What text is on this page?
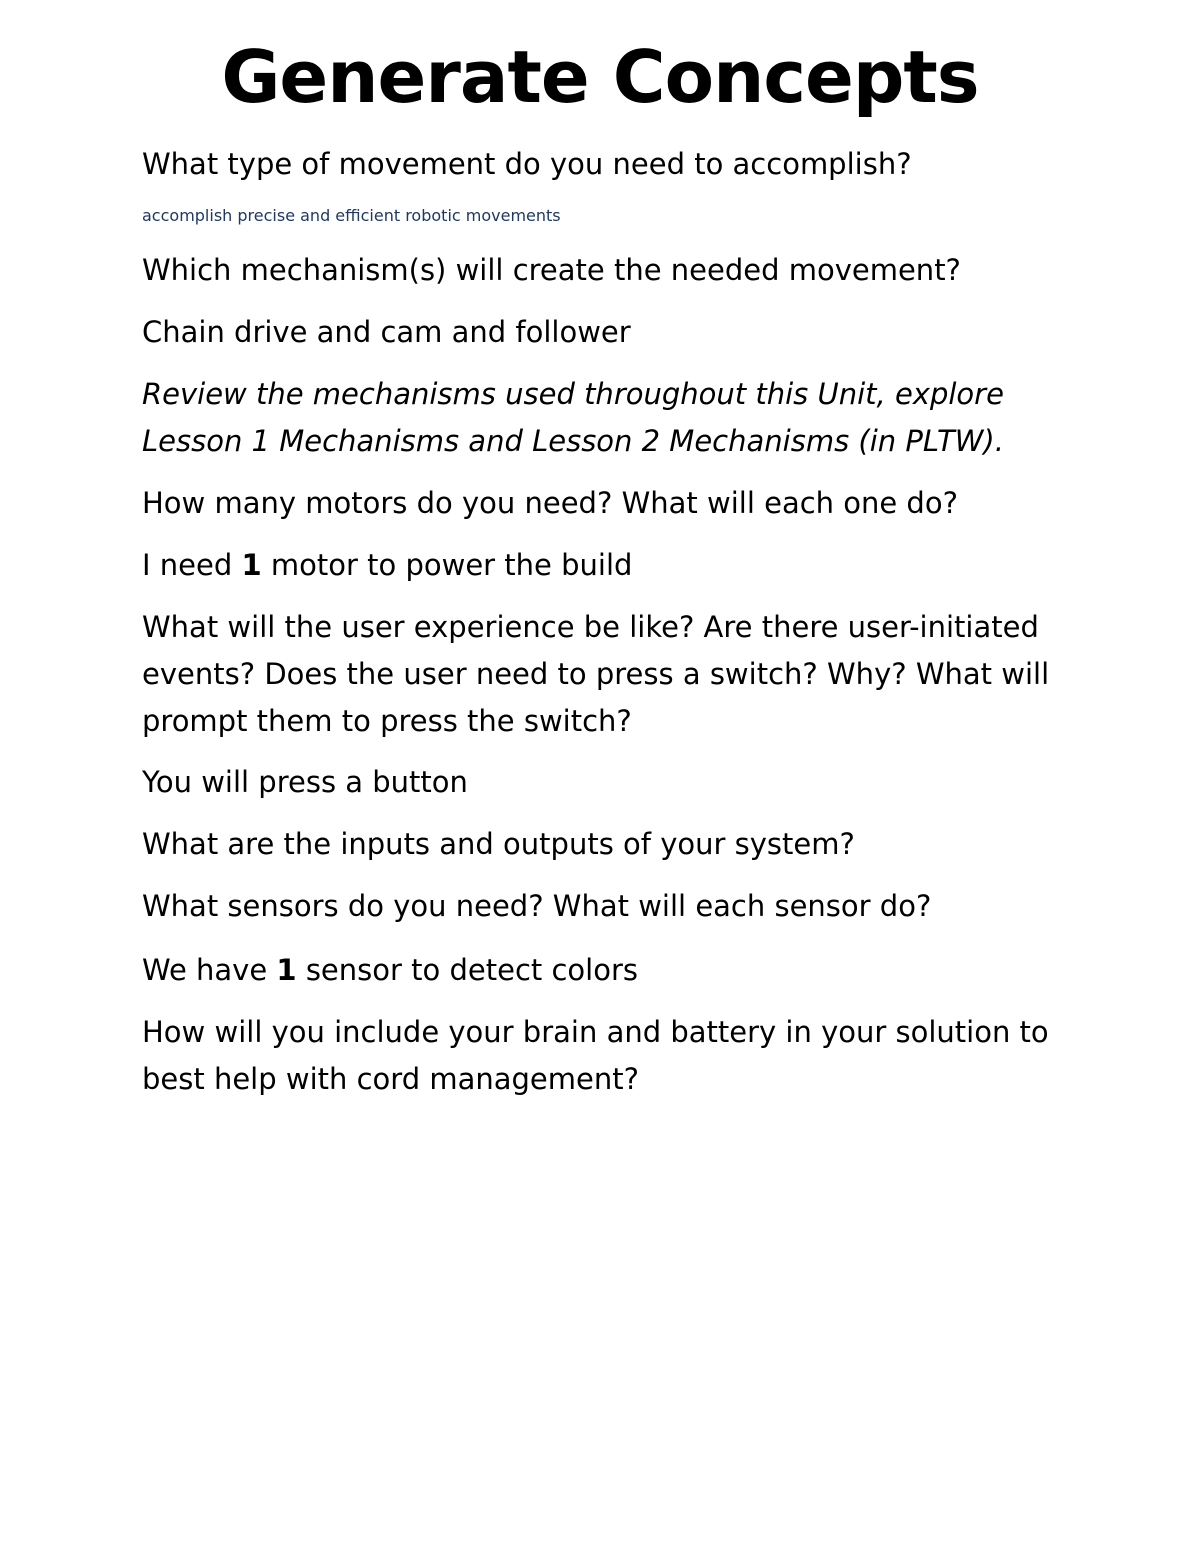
Generate Concepts

What type of movement do you need to accomplish?

accomplish precise and efficient robotic movements

Which mechanism(s) will create the needed movement?

Chain drive and cam and follower

Review the mechanisms used throughout this Unit, explore
Lesson 1 Mechanisms and Lesson 2 Mechanisms (in PLTW).

How many motors do you need? What will each one do?

I need 1 motor to power the build

What will the user experience be like? Are there user-initiated
events? Does the user need to press a switch? Why? What will
prompt them to press the switch?

You will press a button

What are the inputs and outputs of your system?

What sensors do you need? What will each sensor do?

We have 1 sensor to detect colors

How will you include your brain and battery in your solution to
best help with cord management?
